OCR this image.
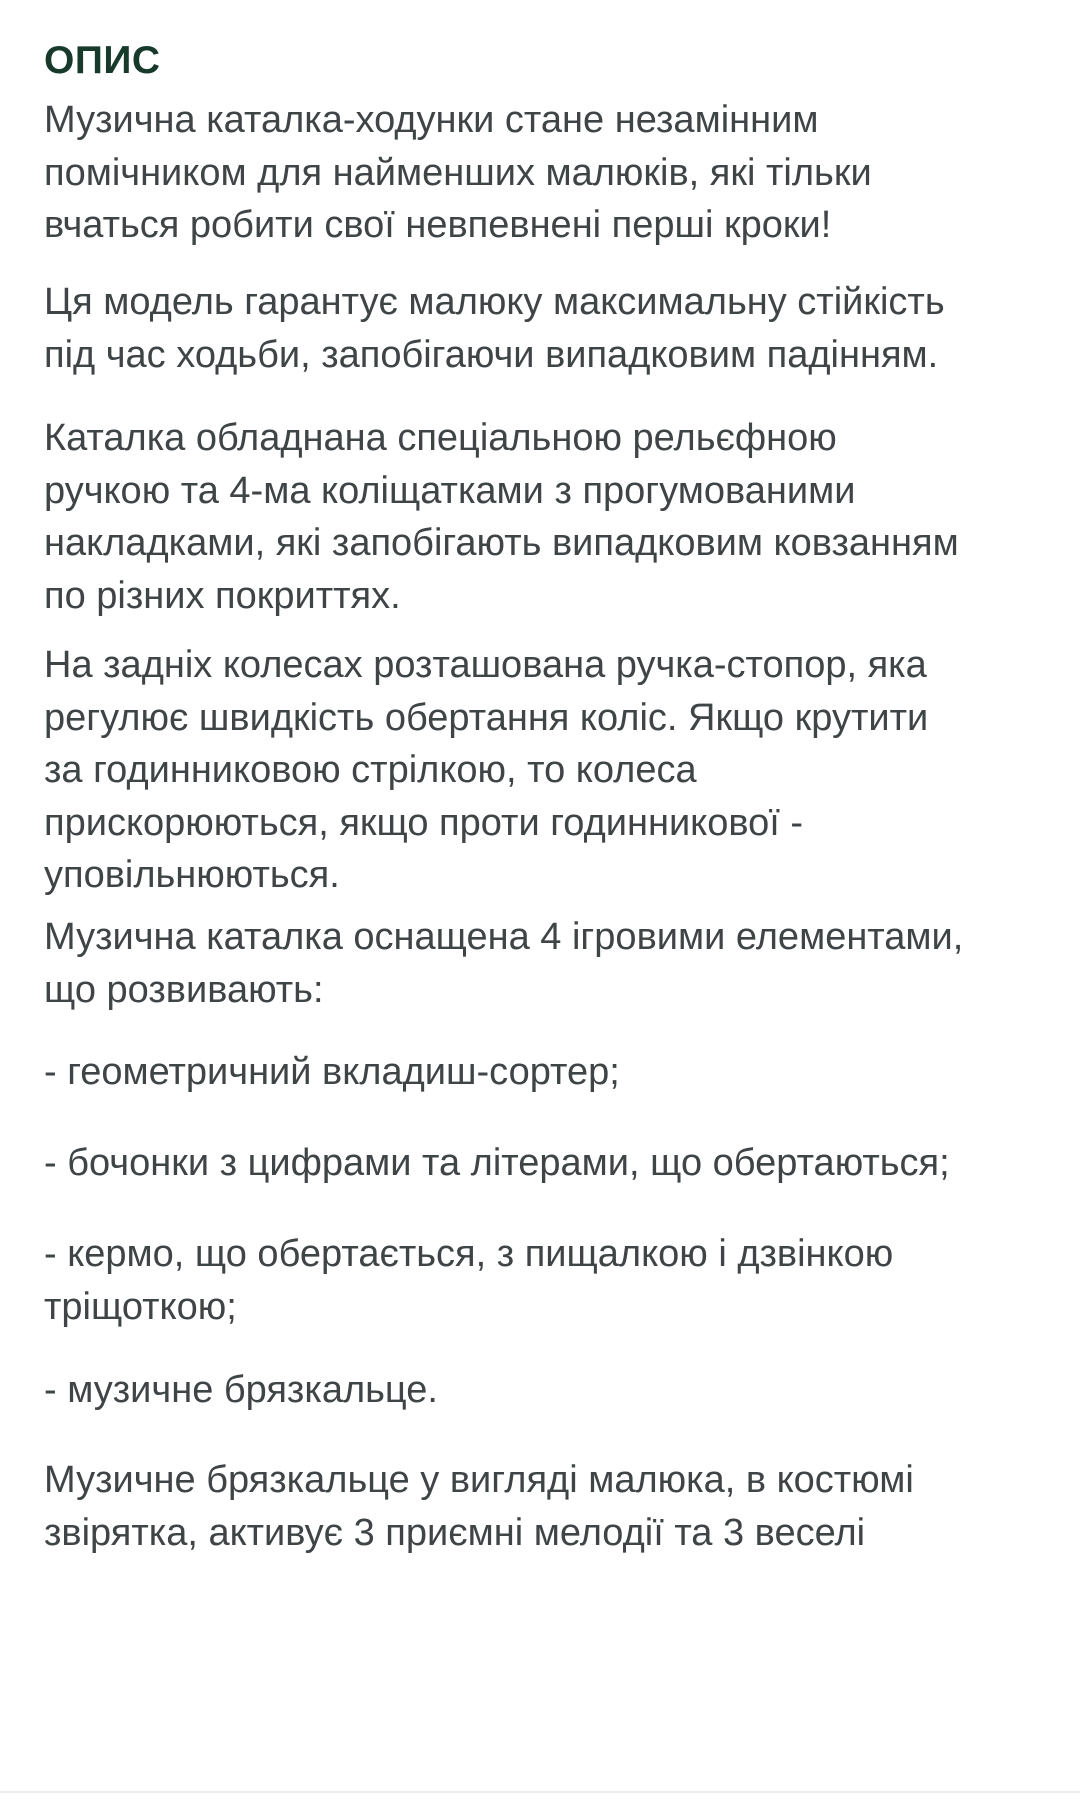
ОПИС

Музична каталка-ходунки стане незамінним
помічником для найменших малюків, які тільки
вчаться робити свої невпевнені перші кроки!

Ця модель гарантує малюку максимальну стійкість
під час ходьби, запобігаючи випадковим падінням.

Каталка обладнана спеціальною рельєфною
ручкою та 4-ма коліщатками з прогумованими
накладками, які запобігають випадковим ковзанням
по різних покриттях.

На задніх колесах розташована ручка-стопор, яка
регулює швидкість обертання коліс. Якщо крутити
за годинниковою стрілкою, то колеса
прискорюються, якщо проти годинникової -
уповільнюються.

Музична каталка оснащена 4 ігровими елементами,
що розвивають:

- геометричний вкладиш-сортер;

- бочонки з цифрами та літерами, що обертаються;

- кермо, що обертається, з пищалкою і дзвінкою
тріщоткою;

- музичне брязкальце.

Музичне брязкальце у вигляді малюка, в костюмі
звірятка, активує 3 приємні мелодії та 3 веселі
